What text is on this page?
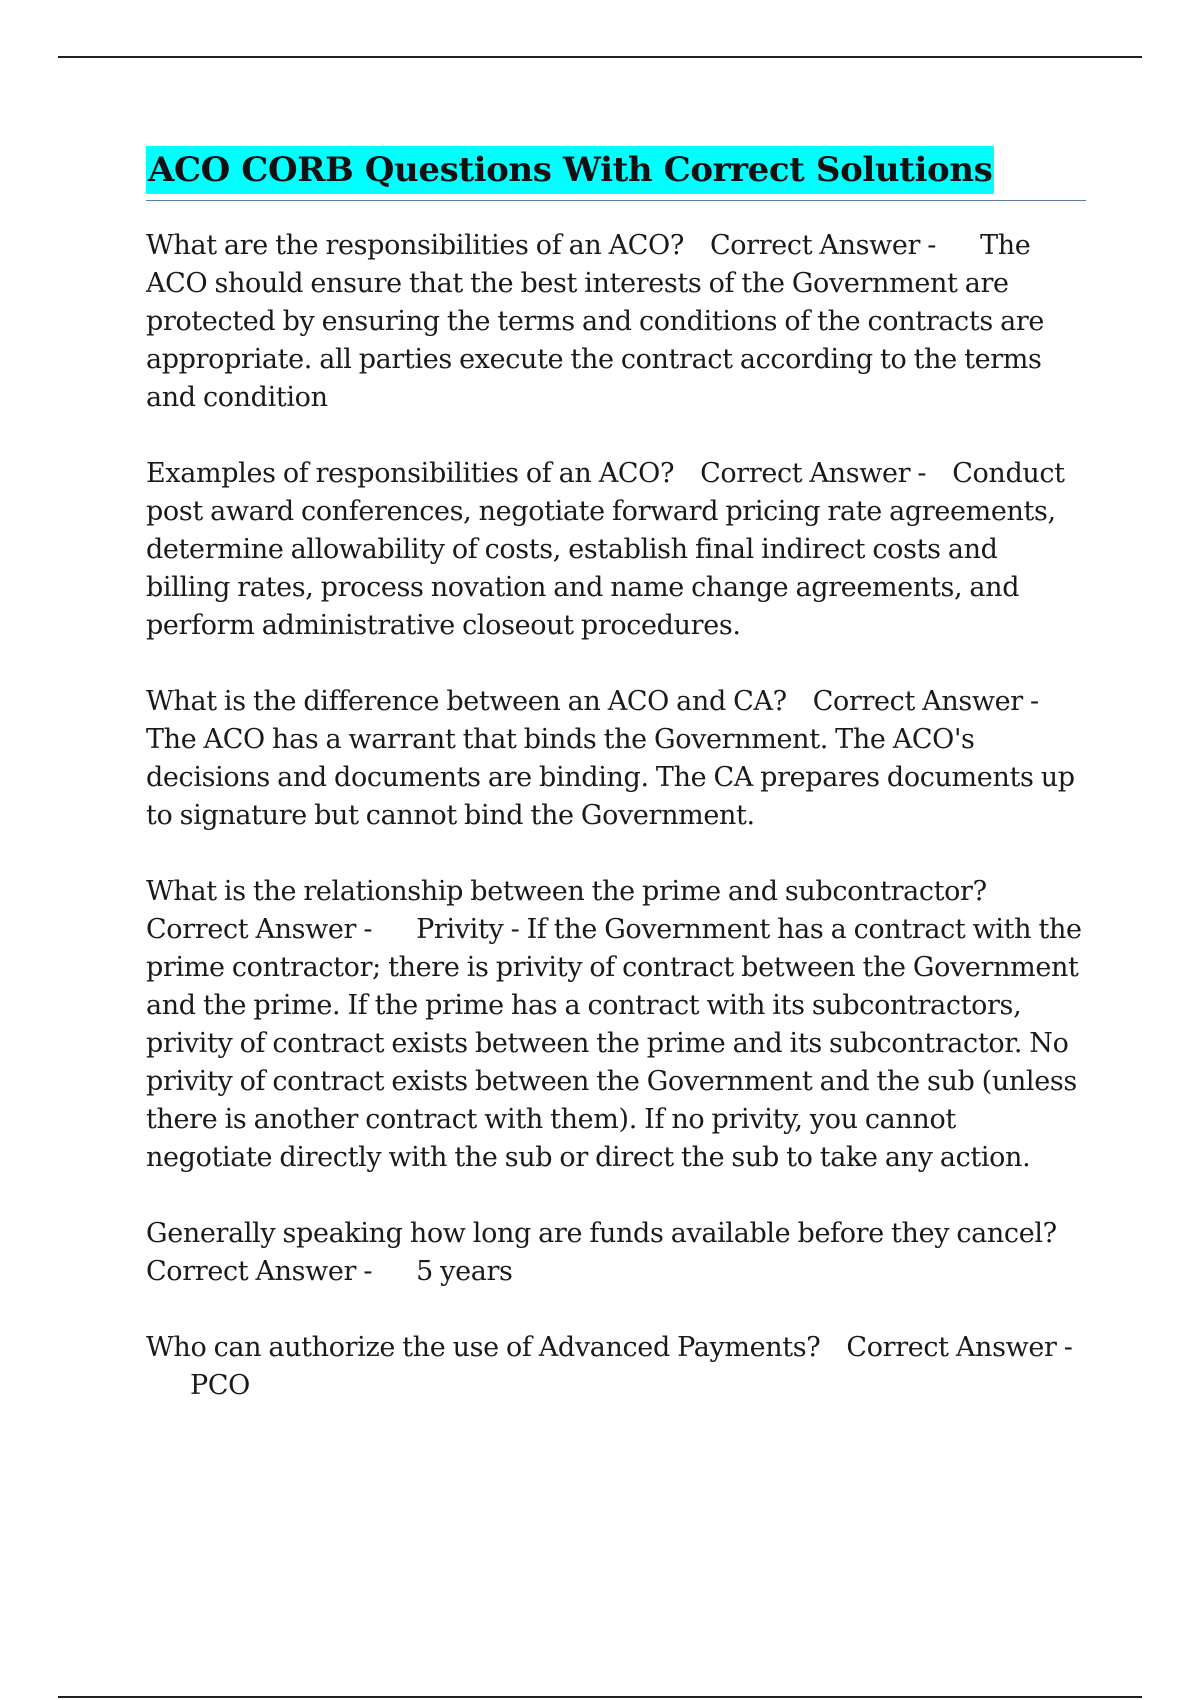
ACO CORB Questions With Correct Solutions

What are the responsibilities of an ACO? Correct Answer - The ACO should ensure that the best interests of the Government are protected by ensuring the terms and conditions of the contracts are appropriate. all parties execute the contract according to the terms and condition

Examples of responsibilities of an ACO? Correct Answer - Conduct post award conferences, negotiate forward pricing rate agreements, determine allowability of costs, establish final indirect costs and billing rates, process novation and name change agreements, and perform administrative closeout procedures.

What is the difference between an ACO and CA? Correct Answer -The ACO has a warrant that binds the Government. The ACO's decisions and documents are binding. The CA prepares documents up to signature but cannot bind the Government.

What is the relationship between the prime and subcontractor?Correct Answer - Privity - If the Government has a contract with the prime contractor; there is privity of contract between the Government and the prime. If the prime has a contract with its subcontractors, privity of contract exists between the prime and its subcontractor. No privity of contract exists between the Government and the sub (unless there is another contract with them). If no privity, you cannot negotiate directly with the sub or direct the sub to take any action.

Generally speaking how long are funds available before they cancel?Correct Answer - 5 years

Who can authorize the use of Advanced Payments? Correct Answer -PCO
